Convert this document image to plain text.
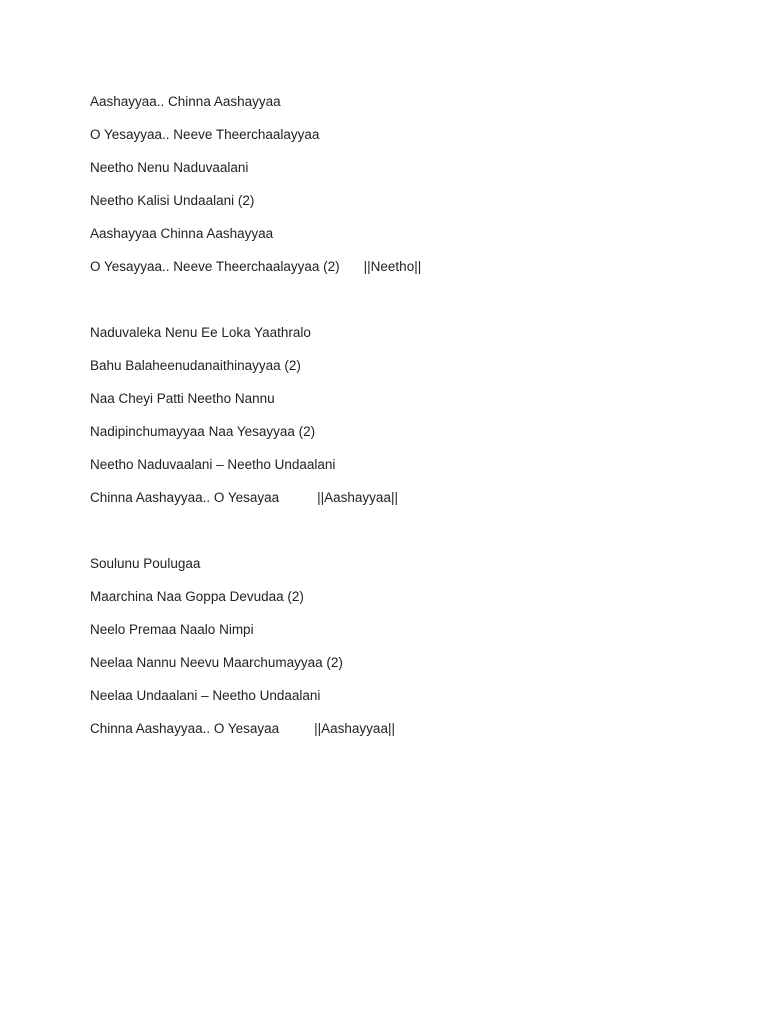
Aashayyaa.. Chinna Aashayyaa
O Yesayyaa.. Neeve Theerchaalayyaa
Neetho Nenu Naduvaalani
Neetho Kalisi Undaalani (2)
Aashayyaa Chinna Aashayyaa
O Yesayyaa.. Neeve Theerchaalayyaa (2) ||Neetho||
Naduvaleka Nenu Ee Loka Yaathralo
Bahu Balaheenudanaithinayyaa (2)
Naa Cheyi Patti Neetho Nannu
Nadipinchumayyaa Naa Yesayyaa (2)
Neetho Naduvaalani – Neetho Undaalani
Chinna Aashayyaa.. O Yesayaa	||Aashayyaa||
Soulunu Poulugaa
Maarchina Naa Goppa Devudaa (2)
Neelo Premaa Naalo Nimpi
Neelaa Nannu Neevu Maarchumayyaa (2)
Neelaa Undaalani – Neetho Undaalani
Chinna Aashayyaa.. O Yesayaa	||Aashayyaa||
